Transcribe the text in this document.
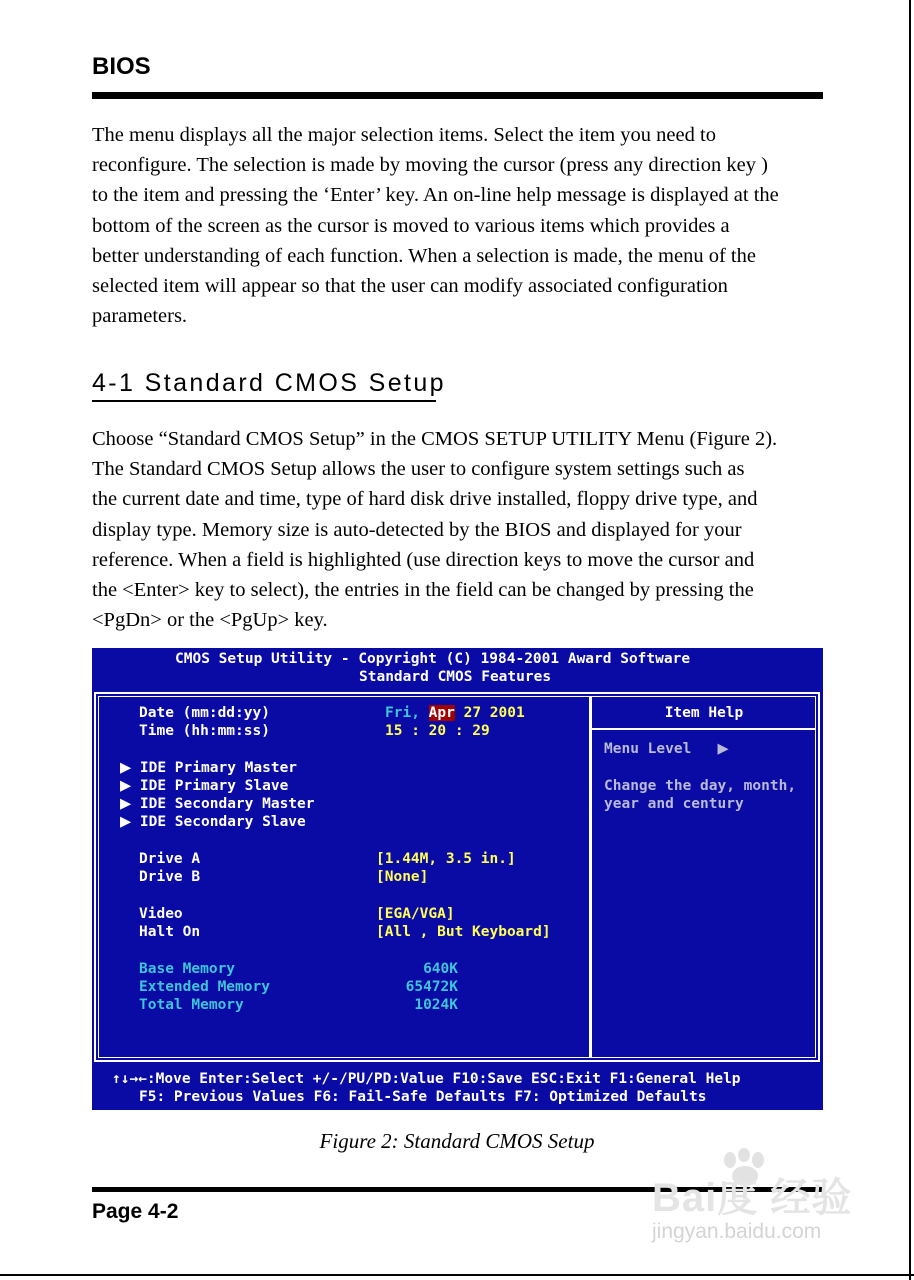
BIOS
The menu displays all the major selection items. Select the item you need to
reconfigure. The selection is made by moving the cursor (press any direction key )
to the item and pressing the ‘Enter’ key. An on-line help message is displayed at the
bottom of the screen as the cursor is moved to various items which provides a
better understanding of each function. When a selection is made, the menu of the
selected item will appear so that the user can modify associated configuration
parameters.
4-1 Standard CMOS Setup
Choose “Standard CMOS Setup” in the CMOS SETUP UTILITY Menu (Figure 2).
The Standard CMOS Setup allows the user to configure system settings such as
the current date and time, type of hard disk drive installed, floppy drive type, and
display type. Memory size is auto-detected by the BIOS and displayed for your
reference. When a field is highlighted (use direction keys to move the cursor and
the <Enter> key to select), the entries in the field can be changed by pressing the
<PgDn> or the <PgUp> key.
CMOS Setup Utility - Copyright (C) 1984-2001 Award Software
Standard CMOS Features
Date (mm:dd:yy)	Fri, Apr 27 2001
Time (hh:mm:ss)	15 : 20 : 29
▶ IDE Primary Master
▶ IDE Primary Slave
▶ IDE Secondary Master
▶ IDE Secondary Slave
Drive A	[1.44M, 3.5 in.]
Drive B	[None]
Video	[EGA/VGA]
Halt On	[All , But Keyboard]
Base Memory	640K
Extended Memory	65472K
Total Memory	1024K
Item Help
Menu Level ▶
Change the day, month,
year and century
↑↓→←:Move Enter:Select +/-/PU/PD:Value F10:Save ESC:Exit F1:General Help
F5: Previous Values F6: Fail-Safe Defaults F7: Optimized Defaults
Figure 2: Standard CMOS Setup
Page 4-2	Bai度 经验
jingyan.baidu.com
